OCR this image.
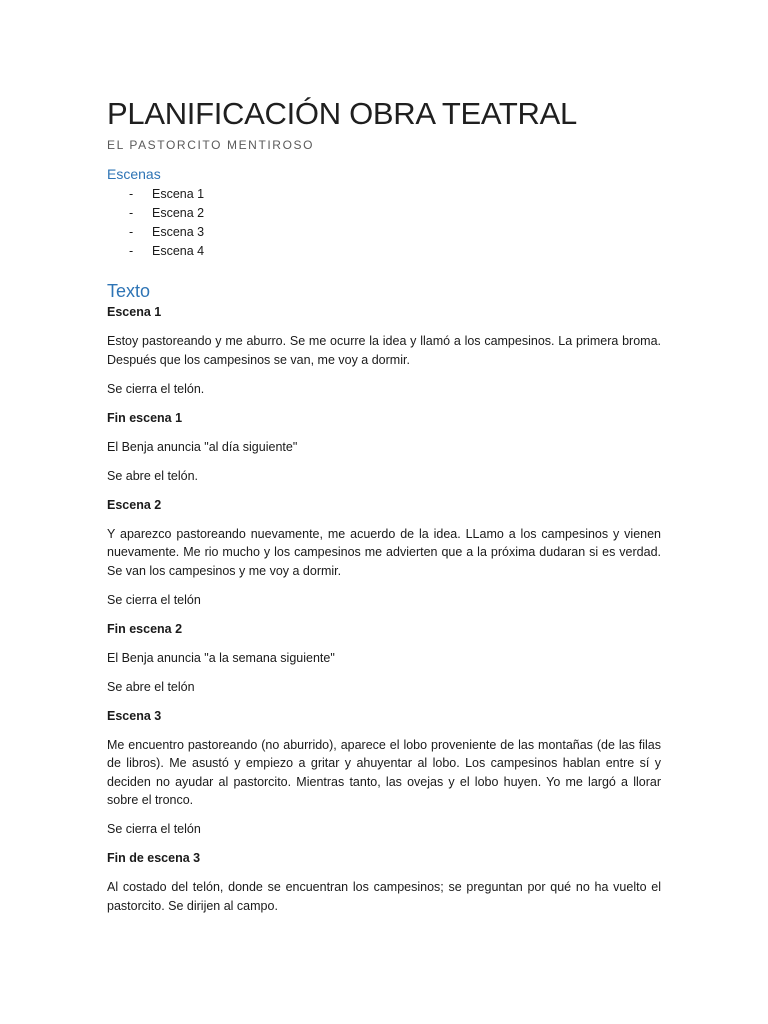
PLANIFICACIÓN OBRA TEATRAL
EL PASTORCITO MENTIROSO
Escenas
- Escena 1
- Escena 2
- Escena 3
- Escena 4
Texto

Escena 1

Estoy pastoreando y me aburro. Se me ocurre la idea y llamó a los campesinos. La primera broma. Después que los campesinos se van, me voy a dormir.

Se cierra el telón.

Fin escena 1

El Benja anuncia "al día siguiente"

Se abre el telón.

Escena 2

Y aparezco pastoreando nuevamente, me acuerdo de la idea. LLamo a los campesinos y vienen nuevamente. Me rio mucho y los campesinos me advierten que a la próxima dudaran si es verdad. Se van los campesinos y me voy a dormir.

Se cierra el telón

Fin escena 2

El Benja anuncia "a la semana siguiente"

Se abre el telón

Escena 3

Me encuentro pastoreando (no aburrido), aparece el lobo proveniente de las montañas (de las filas de libros). Me asustó y empiezo a gritar y ahuyentar al lobo. Los campesinos hablan entre sí y deciden no ayudar al pastorcito. Mientras tanto, las ovejas y el lobo huyen. Yo me largó a llorar sobre el tronco.

Se cierra el telón

Fin de escena 3

Al costado del telón, donde se encuentran los campesinos; se preguntan por qué no ha vuelto el pastorcito. Se dirijen al campo.
